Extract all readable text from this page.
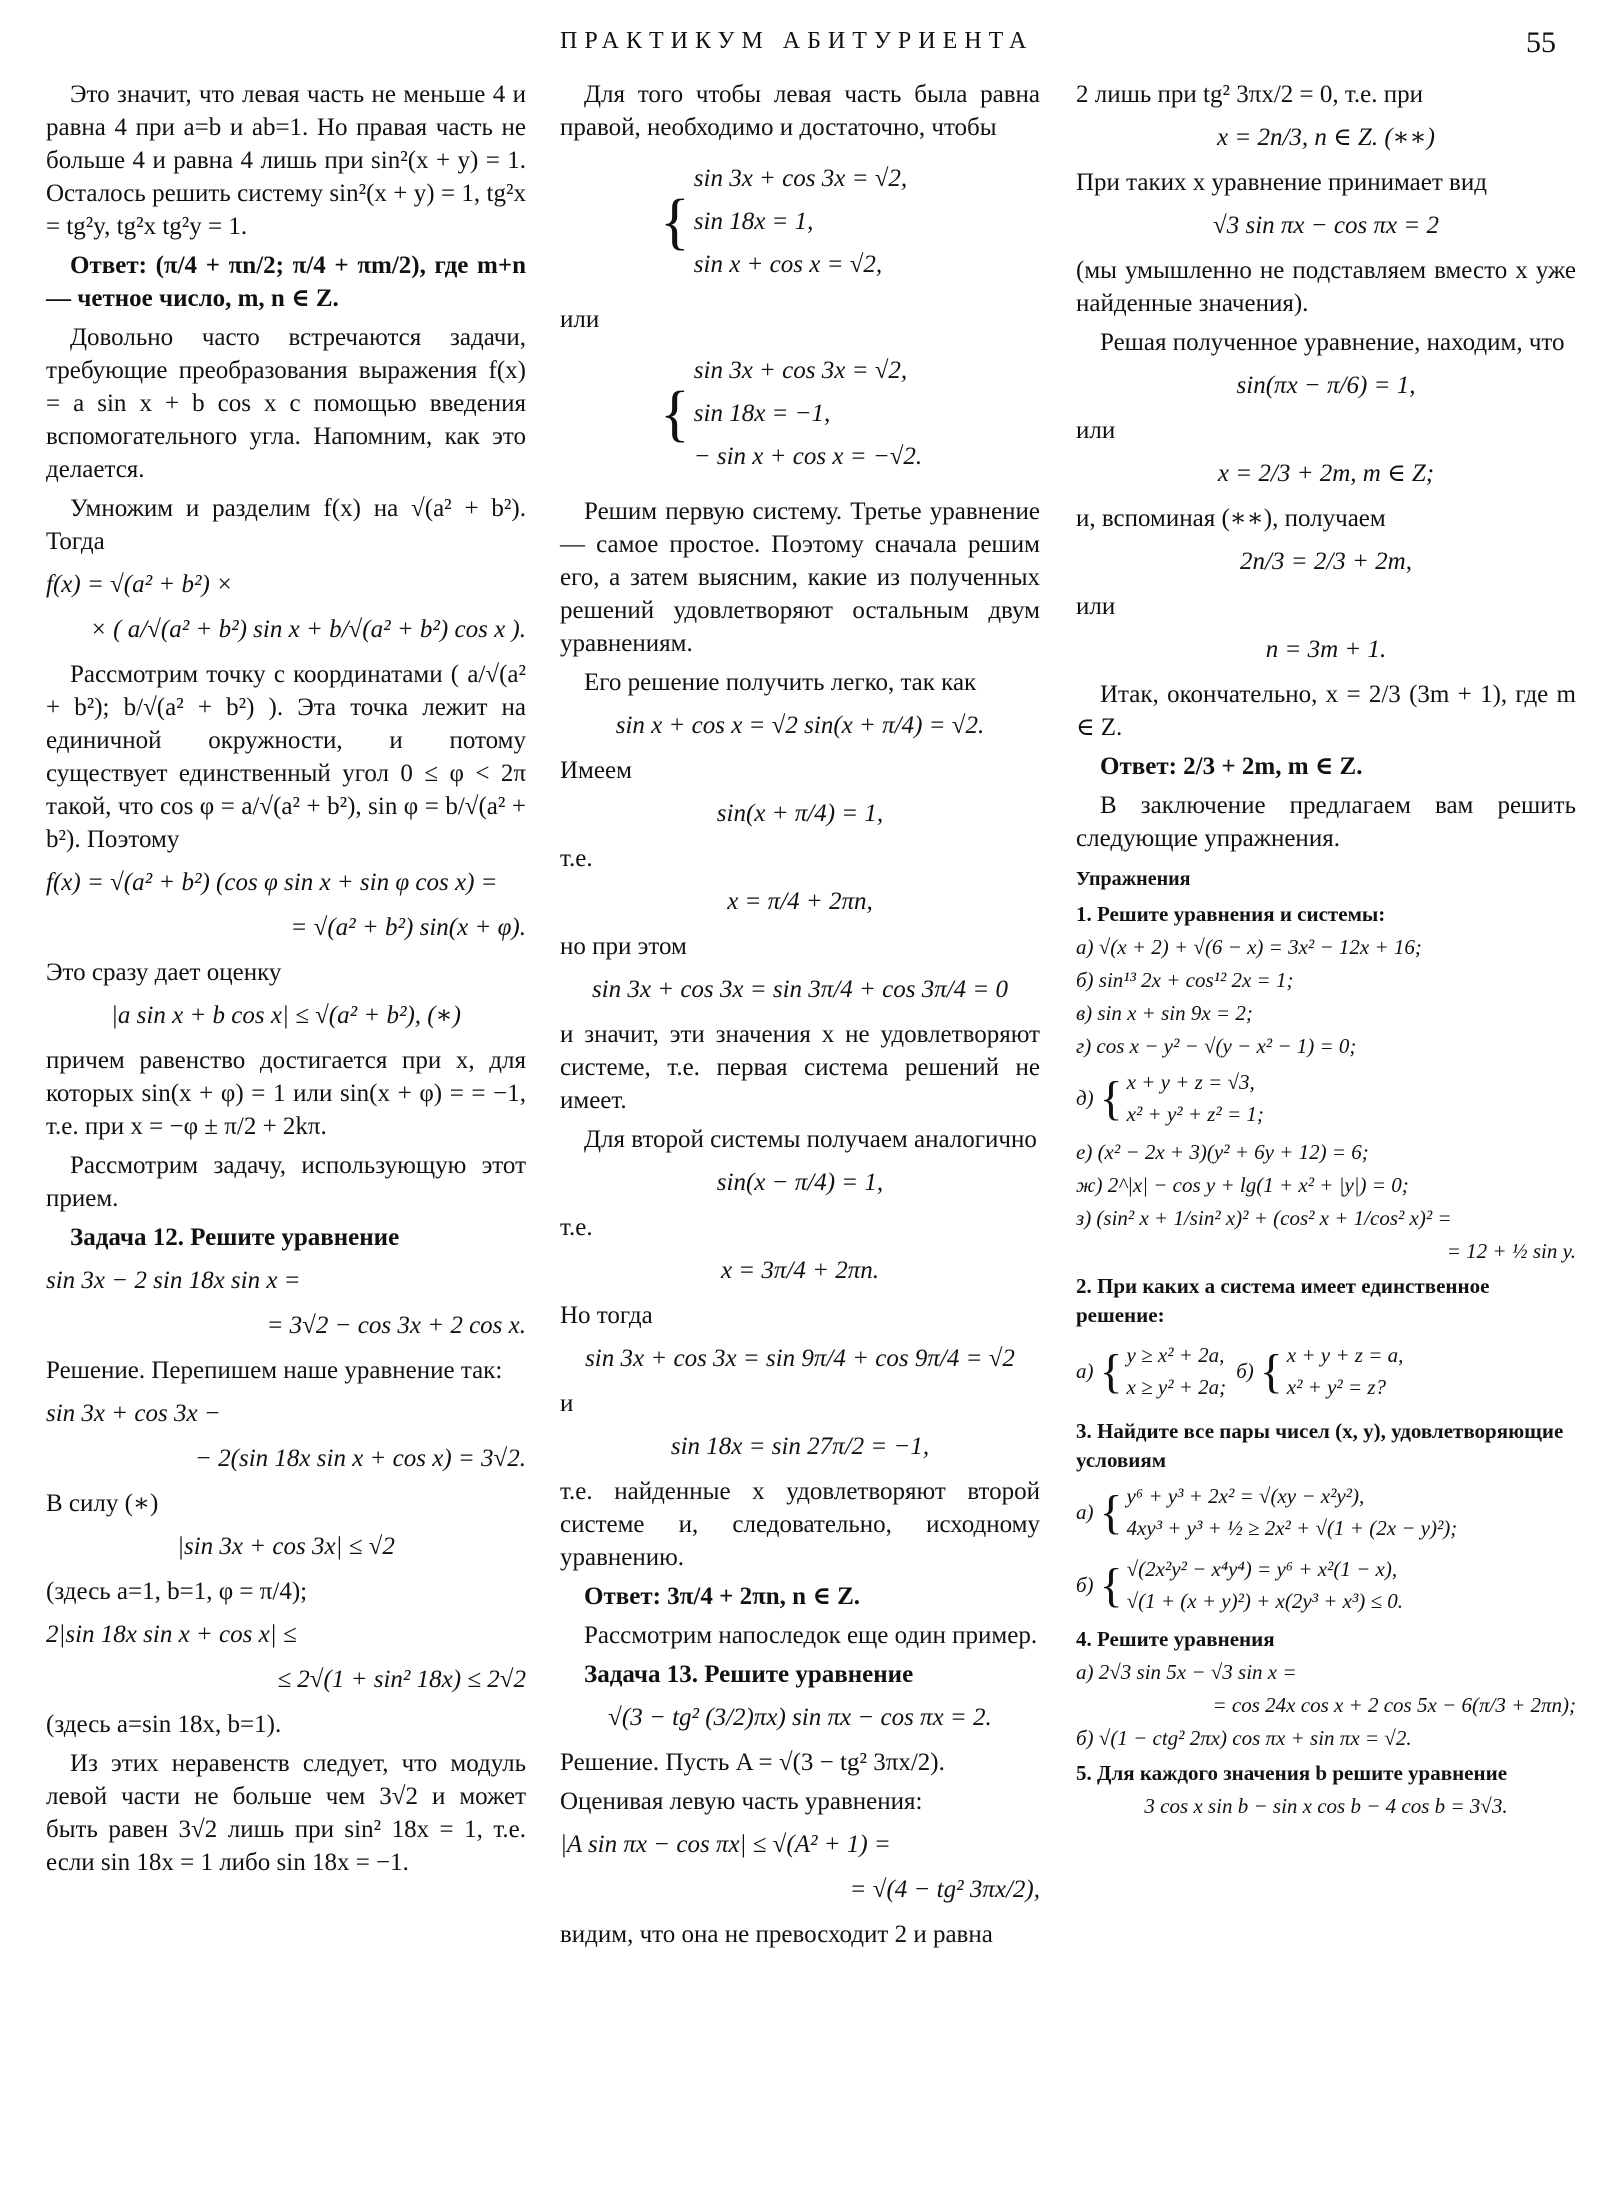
ПРАКТИКУМ АБИТУРИЕНТА	55

Это значит, что левая часть не меньше 4 и равна 4 при a=b и ab=1. Но правая часть не больше 4 и равна 4 лишь при sin²(x + y) = 1. Осталось решить систему sin²(x + y) = 1, tg²x = tg²y, tg²x tg²y = 1.

Ответ: (π/4 + πn/2; π/4 + πm/2), где m+n — четное число, m, n ∈ Z.

Довольно часто встречаются задачи, требующие преобразования выражения f(x) = a sin x + b cos x с помощью введения вспомогательного угла. Напомним, как это делается.

Умножим и разделим f(x) на √(a² + b²). Тогда

f(x) = √(a² + b²) ×
× ( a/√(a² + b²) sin x + b/√(a² + b²) cos x ).

Рассмотрим точку с координатами ( a/√(a² + b²); b/√(a² + b²) ). Эта точка лежит на единичной окружности, и потому существует единственный угол 0 ≤ φ < 2π такой, что cos φ = a/√(a² + b²), sin φ = b/√(a² + b²). Поэтому

f(x) = √(a² + b²) (cos φ sin x + sin φ cos x) =
= √(a² + b²) sin(x + φ).

Это сразу дает оценку

|a sin x + b cos x| ≤ √(a² + b²), (∗)

причем равенство достигается при x, для которых sin(x + φ) = 1 или sin(x + φ) = = −1, т.е. при x = −φ ± π/2 + 2kπ.

Рассмотрим задачу, использующую этот прием.

Задача 12. Решите уравнение

sin 3x − 2 sin 18x sin x =
= 3√2 − cos 3x + 2 cos x.

Решение. Перепишем наше уравнение так:

sin 3x + cos 3x −
− 2(sin 18x sin x + cos x) = 3√2.

В силу (∗)

|sin 3x + cos 3x| ≤ √2

(здесь a=1, b=1, φ = π/4);

2|sin 18x sin x + cos x| ≤
≤ 2√(1 + sin² 18x) ≤ 2√2

(здесь a=sin 18x, b=1).

Из этих неравенств следует, что модуль левой части не больше чем 3√2 и может быть равен 3√2 лишь при sin² 18x = 1, т.е. если sin 18x = 1 либо sin 18x = −1.

Для того чтобы левая часть была равна правой, необходимо и достаточно, чтобы

{
sin 3x + cos 3x = √2,
sin 18x = 1,
sin x + cos x = √2,

или

{
sin 3x + cos 3x = √2,
sin 18x = −1,
− sin x + cos x = −√2.

Решим первую систему. Третье уравнение — самое простое. Поэтому сначала решим его, а затем выясним, какие из полученных решений удовлетворяют остальным двум уравнениям.

Его решение получить легко, так как

sin x + cos x = √2 sin(x + π/4) = √2.

Имеем

sin(x + π/4) = 1,

т.е.

x = π/4 + 2πn,

но при этом

sin 3x + cos 3x = sin 3π/4 + cos 3π/4 = 0

и значит, эти значения x не удовлетворяют системе, т.е. первая система решений не имеет.

Для второй системы получаем аналогично

sin(x − π/4) = 1,

т.е.

x = 3π/4 + 2πn.

Но тогда

sin 3x + cos 3x = sin 9π/4 + cos 9π/4 = √2

и

sin 18x = sin 27π/2 = −1,

т.е. найденные x удовлетворяют второй системе и, следовательно, исходному уравнению.

Ответ: 3π/4 + 2πn, n ∈ Z.

Рассмотрим напоследок еще один пример.

Задача 13. Решите уравнение

√(3 − tg² (3/2)πx) sin πx − cos πx = 2.

Решение. Пусть A = √(3 − tg² 3πx/2).

Оценивая левую часть уравнения:

|A sin πx − cos πx| ≤ √(A² + 1) =
= √(4 − tg² 3πx/2),

видим, что она не превосходит 2 и равна

2 лишь при tg² 3πx/2 = 0, т.е. при

x = 2n/3, n ∈ Z. (∗∗)

При таких x уравнение принимает вид

√3 sin πx − cos πx = 2

(мы умышленно не подставляем вместо x уже найденные значения).

Решая полученное уравнение, находим, что

sin(πx − π/6) = 1,

или

x = 2/3 + 2m, m ∈ Z;

и, вспоминая (∗∗), получаем

2n/3 = 2/3 + 2m,

или

n = 3m + 1.

Итак, окончательно, x = 2/3 (3m + 1), где m ∈ Z.

Ответ: 2/3 + 2m, m ∈ Z.

В заключение предлагаем вам решить следующие упражнения.

Упражнения
1. Решите уравнения и системы:
а) √(x + 2) + √(6 − x) = 3x² − 12x + 16;
б) sin¹³ 2x + cos¹² 2x = 1;
в) sin x + sin 9x = 2;
г) cos x − y² − √(y − x² − 1) = 0;
д) { x + y + z = √3,
x² + y² + z² = 1;
е) (x² − 2x + 3)(y² + 6y + 12) = 6;
ж) 2^|x| − cos y + lg(1 + x² + |y|) = 0;
з) (sin² x + 1/sin² x)² + (cos² x + 1/cos² x)² =
= 12 + ½ sin y.
2. При каких a система имеет единственное решение:
а) { y ≥ x² + 2a,
x ≥ y² + 2a;
б) { x + y + z = a,
x² + y² = z?
3. Найдите все пары чисел (x, y), удовлетворяющие условиям
а) { y⁶ + y³ + 2x² = √(xy − x²y²),
4xy³ + y³ + ½ ≥ 2x² + √(1 + (2x − y)²);
б) { √(2x²y² − x⁴y⁴) = y⁶ + x²(1 − x),
√(1 + (x + y)²) + x(2y³ + x³) ≤ 0.
4. Решите уравнения
а) 2√3 sin 5x − √3 sin x =
= cos 24x cos x + 2 cos 5x − 6(π/3 + 2πn);
б) √(1 − ctg² 2πx) cos πx + sin πx = √2.
5. Для каждого значения b решите уравнение
3 cos x sin b − sin x cos b − 4 cos b = 3√3.
